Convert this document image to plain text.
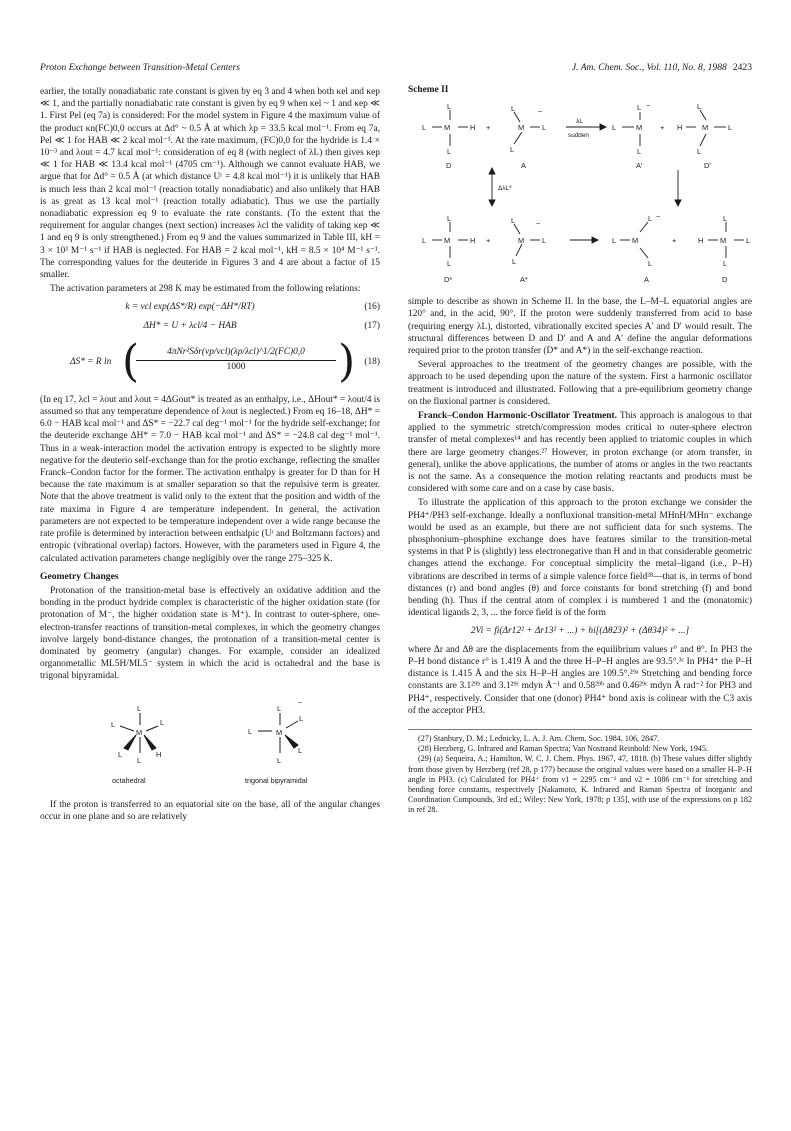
Proton Exchange between Transition-Metal Centers	J. Am. Chem. Soc., Vol. 110, No. 8, 1988 2423

earlier, the totally nonadiabatic rate constant is given by eq 3 and 4 when both κel and κep ≪ 1, and the partially nonadiabatic rate constant is given by eq 9 when κel ~ 1 and κep ≪ 1. First Pel (eq 7a) is considered: For the model system in Figure 4 the maximum value of the product κn(FC)0,0 occurs at Δd° ~ 0.5 Å at which λp = 33.5 kcal mol⁻¹. From eq 7a, Pel ≪ 1 for HAB ≪ 2 kcal mol⁻¹. At the rate maximum, (FC)0,0 for the hydride is 1.4 × 10⁻³ and λout = 4.7 kcal mol⁻¹: consideration of eq 8 (with neglect of λL) then gives κep ≪ 1 for HAB ≪ 13.4 kcal mol⁻¹ (4705 cm⁻¹). Although we cannot evaluate HAB, we argue that for Δd° = 0.5 Å (at which distance Uʳ = 4.8 kcal mol⁻¹) it is unlikely that HAB is much less than 2 kcal mol⁻¹ (reaction totally nonadiabatic) and also unlikely that HAB is as great as 13 kcal mol⁻¹ (reaction totally adiabatic). Thus we use the partially nonadiabatic expression eq 9 to evaluate the rate constants. (To the extent that the requirement for angular changes (next section) increases λcl the validity of taking κep ≪ 1 and eq 9 is only strengthened.) From eq 9 and the values summarized in Table III, kH = 3 × 10³ M⁻¹ s⁻¹ if HAB is neglected. For HAB = 2 kcal mol⁻¹, kH = 8.5 × 10⁴ M⁻¹ s⁻¹. The corresponding values for the deuteride in Figures 3 and 4 are about a factor of 15 smaller.

The activation parameters at 298 K may be estimated from the following relations:

k = νcl exp(ΔS*/R) exp(−ΔH*/RT)	(16)
ΔH* = U + λcl/4 − HAB	(17)
ΔS* = R ln (	4πNr²Sδr(νp/νcl)(λp/λcl)^1/2(FC)0,0
1000	) (18)

(In eq 17, λcl = λout and λout = 4ΔGout* is treated as an enthalpy, i.e., ΔHout* = λout/4 is assumed so that any temperature dependence of λout is neglected.) From eq 16–18, ΔH* = 6.0 − HAB kcal mol⁻¹ and ΔS* = −22.7 cal deg⁻¹ mol⁻¹ for the hydride self-exchange; for the deuteride exchange ΔH* = 7.0 − HAB kcal mol⁻¹ and ΔS* = −24.8 cal deg⁻¹ mol⁻¹. Thus in a weak-interaction model the activation entropy is expected to be slightly more negative for the deuterio self-exchange than for the protio exchange, reflecting the smaller Franck–Condon factor for the former. The activation enthalpy is greater for D than for H because the rate maximum is at smaller separation so that the repulsive term is greater. Note that the above treatment is valid only to the extent that the position and width of the rate maxima in Figure 4 are temperature independent. In general, the activation parameters are not expected to be temperature independent over a wide range because the rate profile is determined by interaction between enthalpic (Uʳ and Boltzmann factors) and entropic (vibrational overlap) factors. However, with the parameters used in Figure 4, the calculated activation parameters change negligibly over the range 275–325 K.

Geometry Changes

Protonation of the transition-metal base is effectively an oxidative addition and the bonding in the product hydride complex is characteristic of the higher oxidation state (for protonation of M⁻, the higher oxidation state is M⁺). In contrast to outer-sphere, one-electron-transfer reactions of transition-metal complexes, in which the geometry changes involve largely bond-distance changes, the protonation of a transition-metal center is dominated by geometry (angular) changes. For example, consider an idealized organometallic ML5H/ML5⁻ system in which the acid is octahedral and the base is trigonal bipyramidal.

L
L	L
M
L	H
L
L
−
L	M
L
L
L
octahedral	trigonal bipyramidal

If the proton is transferred to an equatorial site on the base, all of the angular changes occur in one plane and so are relatively

Scheme II
L
L M	H
L
+
L	−
M L
L
λL
sudden
L	M
L −
L
+ H	M
L
L
L
D	A	A′	D′
ΔλL*
L
L M	H
L
+
L	−
M L
L
L M
L −
L
+	H M
L
L
L
D*	A*	A	D

simple to describe as shown in Scheme II. In the base, the L–M–L equatorial angles are 120° and, in the acid, 90°. If the proton were suddenly transferred from acid to base (requiring energy λL), distorted, vibrationally excited species A′ and D′ would result. The structural differences between D and D′ and A and A′ define the angular deformations required prior to the proton transfer (D* and A*) in the self-exchange reaction.

Several approaches to the treatment of the geometry changes are possible, with the approach to be used depending upon the nature of the system. First a harmonic oscillator treatment is introduced and illustrated. Following that a pre-equilibrium geometry change on the fluxional partner is considered.

Franck–Condon Harmonic-Oscillator Treatment. This approach is analogous to that applied to the symmetric stretch/compression modes critical to outer-sphere electron transfer of metal complexes¹⁴ and has recently been applied to triatomic couples in which there are large geometry changes.²⁷ However, in proton exchange (or atom transfer, in general), unlike the above applications, the number of atoms or angles in the two reactants is not the same. As a consequence the motion relating reactants and products must be considered with some care and on a case by case basis.

To illustrate the application of this approach to the proton exchange we consider the PH4⁺/PH3 self-exchange. Ideally a nonfluxional transition-metal MHnH/MHn⁻ exchange would be used as an example, but there are not sufficient data for such systems. The phosphonium–phosphine exchange does have features similar to the transition-metal systems in that P is (slightly) less electronegative than H and in that considerable geometric changes attend the exchange. For conceptual simplicity the metal–ligand (i.e., P–H) vibrations are described in terms of a simple valence force field²⁸—that is, in terms of bond distances (r) and bond angles (θ) and force constants for bond stretching (f) and bond bending (h). Thus if the central atom of complex i is numbered 1 and the (monatomic) identical ligands 2, 3, ... the force field is of the form

2Vi = fi(Δr12² + Δr13² + ...) + hi[(Δθ23)² + (Δθ34)² + ...]

where Δr and Δθ are the displacements from the equilibrium values r° and θ°. In PH3 the P–H bond distance r° is 1.419 Å and the three H–P–H angles are 93.5°.³ᶜ In PH4⁺ the P–H distance is 1.415 Å and the six H–P–H angles are 109.5°.²⁹ᵃ Stretching and bending force constants are 3.1²⁹ᵇ and 3.1²⁹ᶜ mdyn Å⁻¹ and 0.58²⁹ᵇ and 0.46²⁹ᶜ mdyn Å rad⁻² for PH3 and PH4⁺, respectively. Consider that one (donor) PH4⁺ bond axis is colinear with the C3 axis of the acceptor PH3.

(27) Stanbury, D. M.; Lednicky, L. A. J. Am. Chem. Soc. 1984, 106, 2847.
(28) Herzberg, G. Infrared and Raman Spectra; Van Nostrand Reinhold: New York, 1945.
(29) (a) Sequeira, A.; Hamilton, W. C. J. Chem. Phys. 1967, 47, 1818. (b) These values differ slightly from those given by Herzberg (ref 28, p 177) because the original values were based on a smaller H–P–H angle in PH3. (c) Calculated for PH4⁺ from ν1 = 2295 cm⁻¹ and ν2 = 1086 cm⁻¹ for stretching and bending force constants, respectively [Nakamoto, K. Infrared and Raman Spectra of Inorganic and Coordination Compounds, 3rd ed.; Wiley: New York, 1978; p 135], with use of the expressions on p 182 in ref 28.
